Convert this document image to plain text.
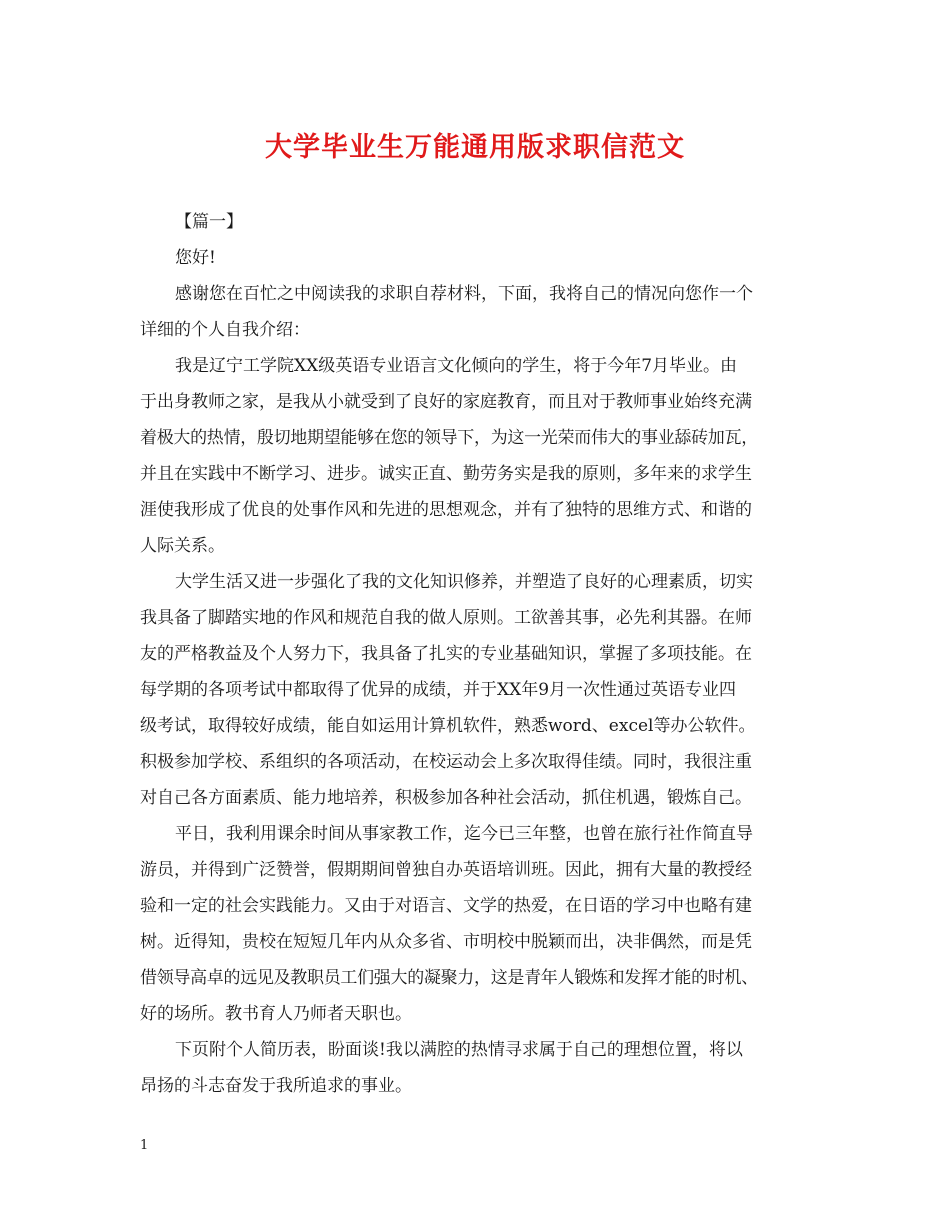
大学毕业生万能通用版求职信范文
【篇一】
您好!
感谢您在百忙之中阅读我的求职自荐材料，下面，我将自己的情况向您作一个
详细的个人自我介绍：
我是辽宁工学院XX级英语专业语言文化倾向的学生，将于今年7月毕业。由
于出身教师之家，是我从小就受到了良好的家庭教育，而且对于教师事业始终充满
着极大的热情，殷切地期望能够在您的领导下，为这一光荣而伟大的事业舔砖加瓦，
并且在实践中不断学习、进步。诚实正直、勤劳务实是我的原则，多年来的求学生
涯使我形成了优良的处事作风和先进的思想观念，并有了独特的思维方式、和谐的
人际关系。
大学生活又进一步强化了我的文化知识修养，并塑造了良好的心理素质，切实
我具备了脚踏实地的作风和规范自我的做人原则。工欲善其事，必先利其器。在师
友的严格教益及个人努力下，我具备了扎实的专业基础知识，掌握了多项技能。在
每学期的各项考试中都取得了优异的成绩，并于XX年9月一次性通过英语专业四
级考试，取得较好成绩，能自如运用计算机软件，熟悉word、excel等办公软件。
积极参加学校、系组织的各项活动，在校运动会上多次取得佳绩。同时，我很注重
对自己各方面素质、能力地培养，积极参加各种社会活动，抓住机遇，锻炼自己。
平日，我利用课余时间从事家教工作，迄今已三年整，也曾在旅行社作简直导
游员，并得到广泛赞誉，假期期间曾独自办英语培训班。因此，拥有大量的教授经
验和一定的社会实践能力。又由于对语言、文学的热爱，在日语的学习中也略有建
树。近得知，贵校在短短几年内从众多省、市明校中脱颖而出，决非偶然，而是凭
借领导高卓的远见及教职员工们强大的凝聚力，这是青年人锻炼和发挥才能的时机、
好的场所。教书育人乃师者天职也。
下页附个人简历表，盼面谈!我以满腔的热情寻求属于自己的理想位置，将以
昂扬的斗志奋发于我所追求的事业。
1
